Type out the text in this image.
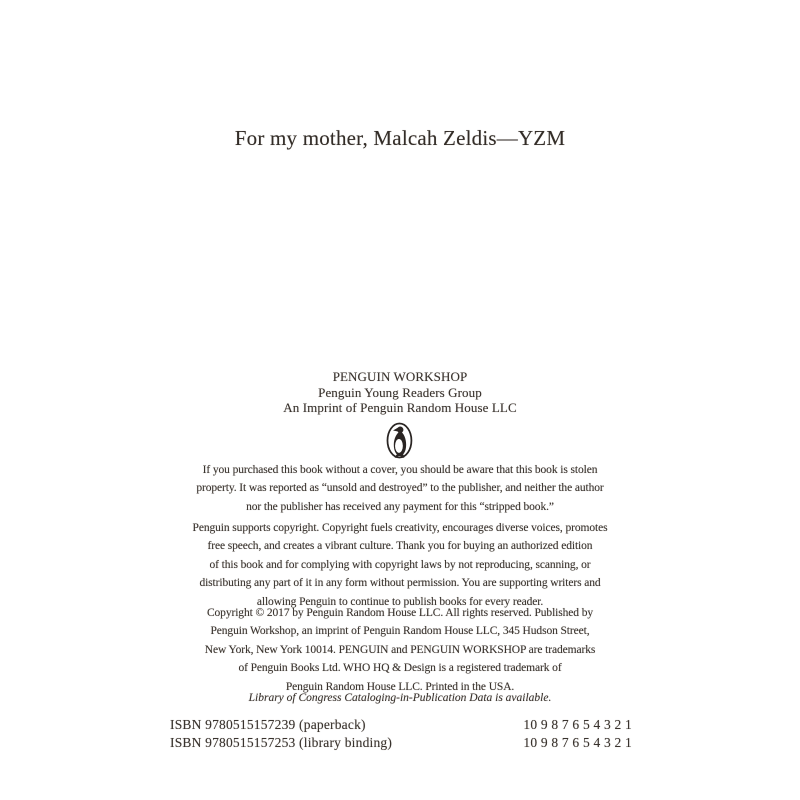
For my mother, Malcah Zeldis—YZM
PENGUIN WORKSHOP
Penguin Young Readers Group
An Imprint of Penguin Random House LLC
If you purchased this book without a cover, you should be aware that this book is stolen
property. It was reported as “unsold and destroyed” to the publisher, and neither the author
nor the publisher has received any payment for this “stripped book.”
Penguin supports copyright. Copyright fuels creativity, encourages diverse voices, promotes
free speech, and creates a vibrant culture. Thank you for buying an authorized edition
of this book and for complying with copyright laws by not reproducing, scanning, or
distributing any part of it in any form without permission. You are supporting writers and
allowing Penguin to continue to publish books for every reader.
Copyright © 2017 by Penguin Random House LLC. All rights reserved. Published by
Penguin Workshop, an imprint of Penguin Random House LLC, 345 Hudson Street,
New York, New York 10014. PENGUIN and PENGUIN WORKSHOP are trademarks
of Penguin Books Ltd. WHO HQ & Design is a registered trademark of
Penguin Random House LLC. Printed in the USA.
Library of Congress Cataloging-in-Publication Data is available.
ISBN 9780515157239 (paperback)	10 9 8 7 6 5 4 3 2 1
ISBN 9780515157253 (library binding)	10 9 8 7 6 5 4 3 2 1
